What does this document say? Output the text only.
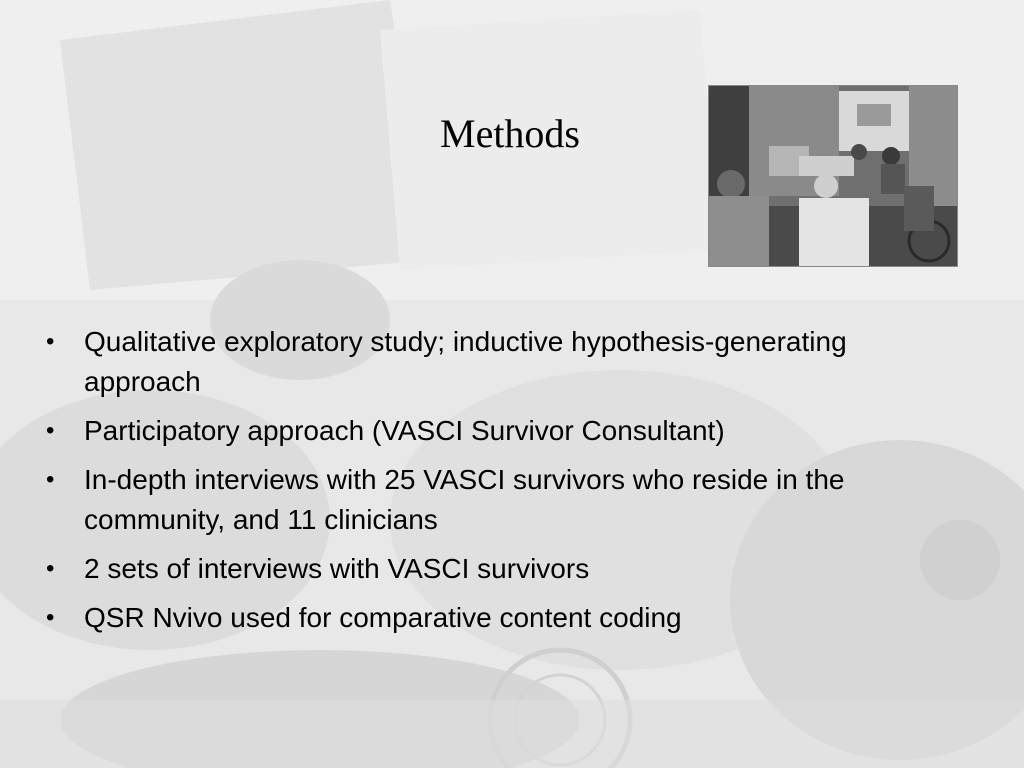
Methods
•	Qualitative exploratory study; inductive hypothesis-generating approach
•	Participatory approach (VASCI Survivor Consultant)
•	In-depth interviews with 25 VASCI survivors who reside in the community, and 11 clinicians
•	2 sets of interviews with VASCI survivors
•	QSR Nvivo used for comparative content coding
